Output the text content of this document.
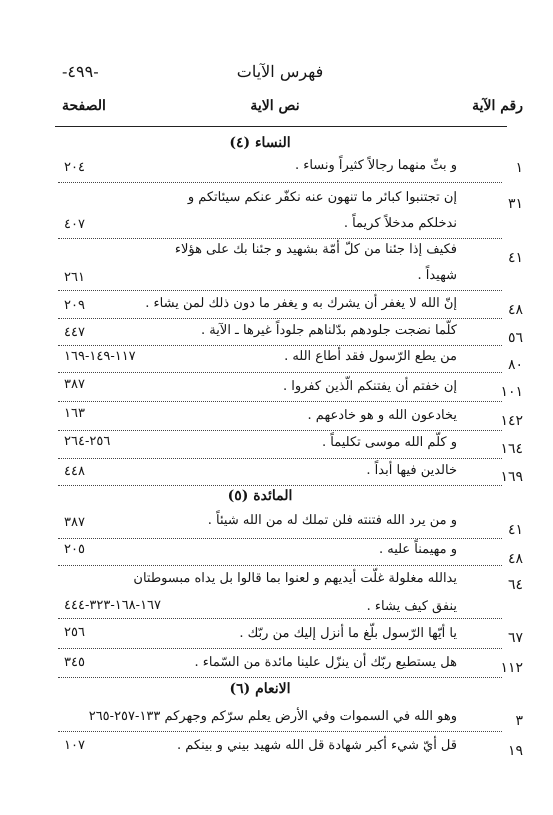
فهرس الآيات
-٤٩٩-
رقم الآية
نص الاية
الصفحة
النساء (٤)
١
و بثّ منهما رجالاً كثيراً ونساء .
٢٠٤
٣١
إن تجتنبوا كبائر ما تنهون عنه نكفّر عنكم سيئاتكم و
ندخلكم مدخلاً كريماً .
٤٠٧
٤١
فكيف إذا جئنا من كلّ أمّة بشهيد و جئنا بك على هؤلاء
شهيداً .
٢٦١
٤٨
إنّ الله لا يغفر أن يشرك به و يغفر ما دون ذلك لمن يشاء .
٢٠٩
٥٦
كلّما نضجت جلودهم بدّلناهم جلوداً غيرها ـ الآية .
٤٤٧
٨٠
من يطع الرّسول فقد أطاع الله .
١١٧-١٤٩-١٦٩
١٠١
إن خفتم أن يفتنكم الّذين كفروا .
٣٨٧
١٤٢
يخادعون الله و هو خادعهم .
١٦٣
١٦٤
و كلّم الله موسى تكليماً .
٢٥٦-٢٦٤
١٦٩
خالدين فيها أبداً .
٤٤٨
المائدة (٥)
٤١
و من يرد الله فتنته فلن تملك له من الله شيئاً .
٣٨٧
٤٨
و مهيمناً عليه .
٢٠٥
٦٤
يدالله مغلولة غلّت أيديهم و لعنوا بما قالوا بل يداه مبسوطتان
ينفق كيف يشاء .
١٦٧-١٦٨-٣٢٣-٤٤٤
٦٧
يا أيّها الرّسول بلّغ ما أنزل إليك من ربّك .
٢٥٦
١١٢
هل يستطيع ربّك أن ينزّل علينا مائدة من السّماء .
٣٤٥
الانعام (٦)
٣
وهو الله في السموات وفي الأرض يعلم سرّكم وجهركم ١٣٣-٢٥٧-٢٦٥
١٩
قل أيّ شيء أكبر شهادة قل الله شهيد بيني و بينكم .
١٠٧
